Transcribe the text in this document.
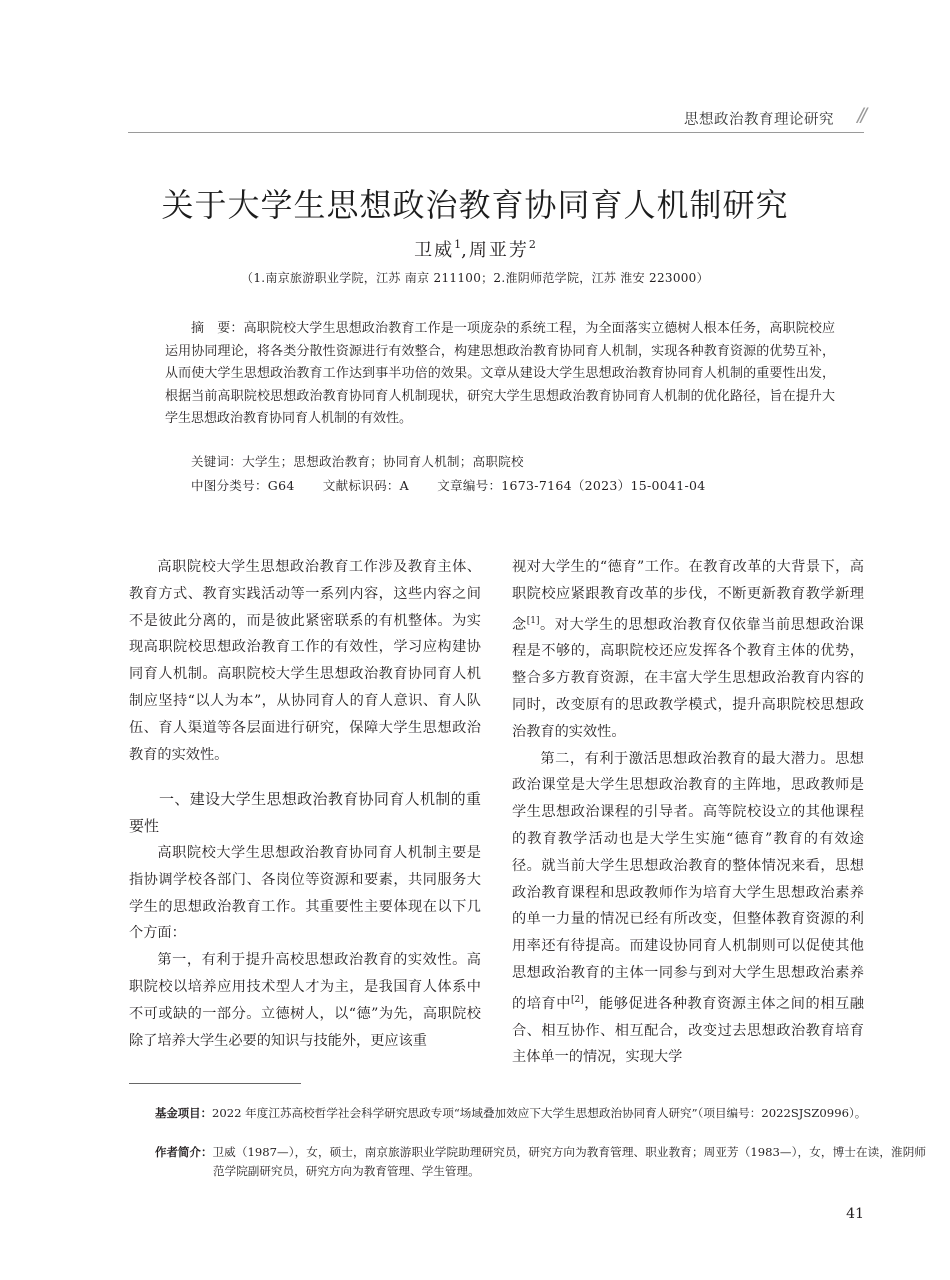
思想政治教育理论研究 //
关于大学生思想政治教育协同育人机制研究
卫威$^1$,周亚芳$^2$
（1.南京旅游职业学院，江苏 南京 211100；2.淮阴师范学院，江苏 淮安 223000）

摘　要：高职院校大学生思想政治教育工作是一项庞杂的系统工程，为全面落实立德树人根本任务，高职院校应运用协同理论，将各类分散性资源进行有效整合，构建思想政治教育协同育人机制，实现各种教育资源的优势互补，从而使大学生思想政治教育工作达到事半功倍的效果。文章从建设大学生思想政治教育协同育人机制的重要性出发，根据当前高职院校思想政治教育协同育人机制现状，研究大学生思想政治教育协同育人机制的优化路径，旨在提升大学生思想政治教育协同育人机制的有效性。

关键词：大学生；思想政治教育；协同育人机制；高职院校
中图分类号：G64 文献标识码：A 文章编号：1673-7164（2023）15-0041-04

高职院校大学生思想政治教育工作涉及教育主体、教育方式、教育实践活动等一系列内容，这些内容之间不是彼此分离的，而是彼此紧密联系的有机整体。为实现高职院校思想政治教育工作的有效性，学习应构建协同育人机制。高职院校大学生思想政治教育协同育人机制应坚持“以人为本”，从协同育人的育人意识、育人队伍、育人渠道等各层面进行研究，保障大学生思想政治教育的实效性。

一、建设大学生思想政治教育协同育人机制的重要性

高职院校大学生思想政治教育协同育人机制主要是指协调学校各部门、各岗位等资源和要素，共同服务大学生的思想政治教育工作。其重要性主要体现在以下几个方面：

第一，有利于提升高校思想政治教育的实效性。高职院校以培养应用技术型人才为主，是我国育人体系中不可或缺的一部分。立德树人，以“德”为先，高职院校除了培养大学生必要的知识与技能外，更应该重

视对大学生的“德育”工作。在教育改革的大背景下，高职院校应紧跟教育改革的步伐，不断更新教育教学新理念[1]。对大学生的思想政治教育仅依靠当前思想政治课程是不够的，高职院校还应发挥各个教育主体的优势，整合多方教育资源，在丰富大学生思想政治教育内容的同时，改变原有的思政教学模式，提升高职院校思想政治教育的实效性。

第二，有利于激活思想政治教育的最大潜力。思想政治课堂是大学生思想政治教育的主阵地，思政教师是学生思想政治课程的引导者。高等院校设立的其他课程的教育教学活动也是大学生实施“德育”教育的有效途径。就当前大学生思想政治教育的整体情况来看，思想政治教育课程和思政教师作为培育大学生思想政治素养的单一力量的情况已经有所改变，但整体教育资源的利用率还有待提高。而建设协同育人机制则可以促使其他思想政治教育的主体一同参与到对大学生思想政治素养的培育中[2]，能够促进各种教育资源主体之间的相互融合、相互协作、相互配合，改变过去思想政治教育培育主体单一的情况，实现大学

基金项目：2022 年度江苏高校哲学社会科学研究思政专项“场域叠加效应下大学生思想政治协同育人研究”（项目编号：2022SJSZ0996）。
作者简介：卫威（1987—），女，硕士，南京旅游职业学院助理研究员，研究方向为教育管理、职业教育；周亚芳（1983—），女，博士在读，淮阴师范学院副研究员，研究方向为教育管理、学生管理。
41
